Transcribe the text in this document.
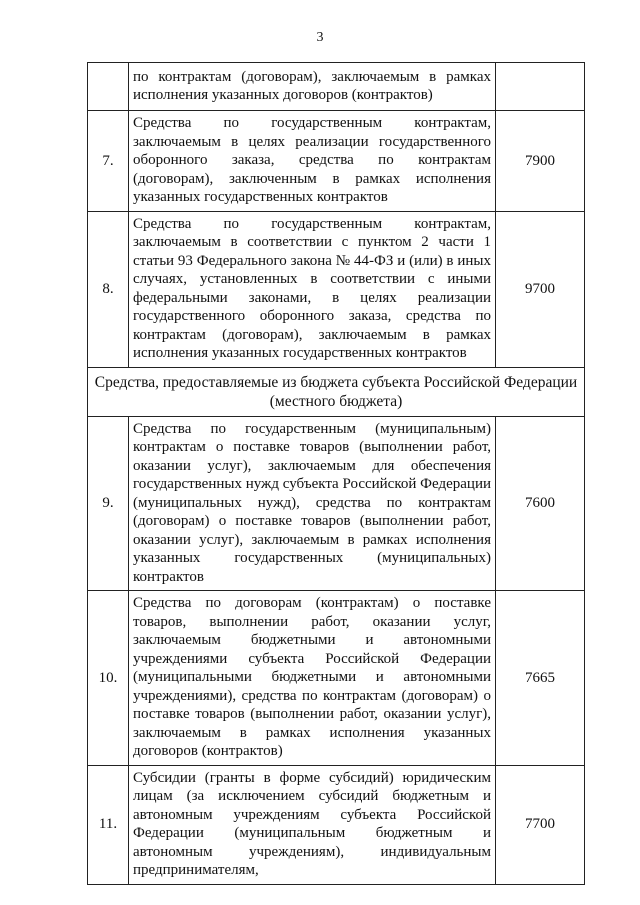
3
	по контрактам (договорам), заключаемым в рамках исполнения указанных договоров (контрактов)	
7.	Средства по государственным контрактам, заключаемым в целях реализации государственного оборонного заказа, средства по контрактам (договорам), заключенным в рамках исполнения указанных государственных контрактов	7900
8.	Средства по государственным контрактам, заключаемым в соответствии с пунктом 2 части 1 статьи 93 Федерального закона № 44-ФЗ и (или) в иных случаях, установленных в соответствии с иными федеральными законами, в целях реализации государственного оборонного заказа, средства по контрактам (договорам), заключаемым в рамках исполнения указанных государственных контрактов	9700
Средства, предоставляемые из бюджета субъекта Российской Федерации (местного бюджета)		
9.	Средства по государственным (муниципальным) контрактам о поставке товаров (выполнении работ, оказании услуг), заключаемым для обеспечения государственных нужд субъекта Российской Федерации (муниципальных нужд), средства по контрактам (договорам) о поставке товаров (выполнении работ, оказании услуг), заключаемым в рамках исполнения указанных государственных (муниципальных) контрактов	7600
10.	Средства по договорам (контрактам) о поставке товаров, выполнении работ, оказании услуг, заключаемым бюджетными и автономными учреждениями субъекта Российской Федерации (муниципальными бюджетными и автономными учреждениями), средства по контрактам (договорам) о поставке товаров (выполнении работ, оказании услуг), заключаемым в рамках исполнения указанных договоров (контрактов)	7665
11.	Субсидии (гранты в форме субсидий) юридическим лицам (за исключением субсидий бюджетным и автономным учреждениям субъекта Российской Федерации (муниципальным бюджетным и автономным учреждениям), индивидуальным предпринимателям,	7700
